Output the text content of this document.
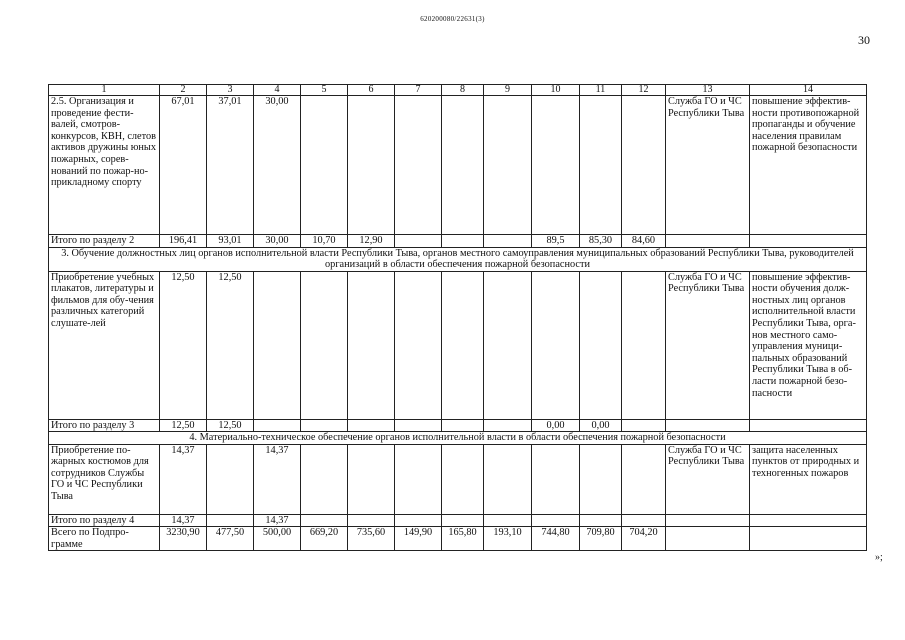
620200080/22631(3)
30
1	2	3	4	5	6	7	8	9	10	11	12	13	14
2.5. Организация и проведение фести-валей, смотров-конкурсов, КВН, слетов активов дружины юных пожарных, сорев-нований по пожар-но-прикладному спорту	67,01	37,01	30,00									Служба ГО и ЧС Республики Тыва	повышение эффектив-ности противопожарной пропаганды и обучение населения правилам пожарной безопасности
Итого по разделу 2	196,41	93,01	30,00	10,70	12,90				89,5	85,30	84,60		
3. Обучение должностных лиц органов исполнительной власти Республики Тыва, органов местного самоуправления муниципальных образований Республики Тыва, руководителей организаций в области обеспечения пожарной безопасности													
Приобретение учебных плакатов, литературы и фильмов для обу-чения различных категорий слушате-лей	12,50	12,50										Служба ГО и ЧС Республики Тыва	повышение эффектив-ности обучения долж-ностных лиц органов исполнительной власти Республики Тыва, орга-нов местного само-управления муници-пальных образований Республики Тыва в об-ласти пожарной безо-пасности
Итого по разделу 3	12,50	12,50							0,00	0,00			
4. Материально-техническое обеспечение органов исполнительной власти в области обеспечения пожарной безопасности													
Приобретение по-жарных костюмов для сотрудников Службы ГО и ЧС Республики Тыва	14,37		14,37									Служба ГО и ЧС Республики Тыва	защита населенных пунктов от природных и техногенных пожаров
Итого по разделу 4	14,37		14,37										
Всего по Подпро-грамме	3230,90	477,50	500,00	669,20	735,60	149,90	165,80	193,10	744,80	709,80	704,20		
»;
